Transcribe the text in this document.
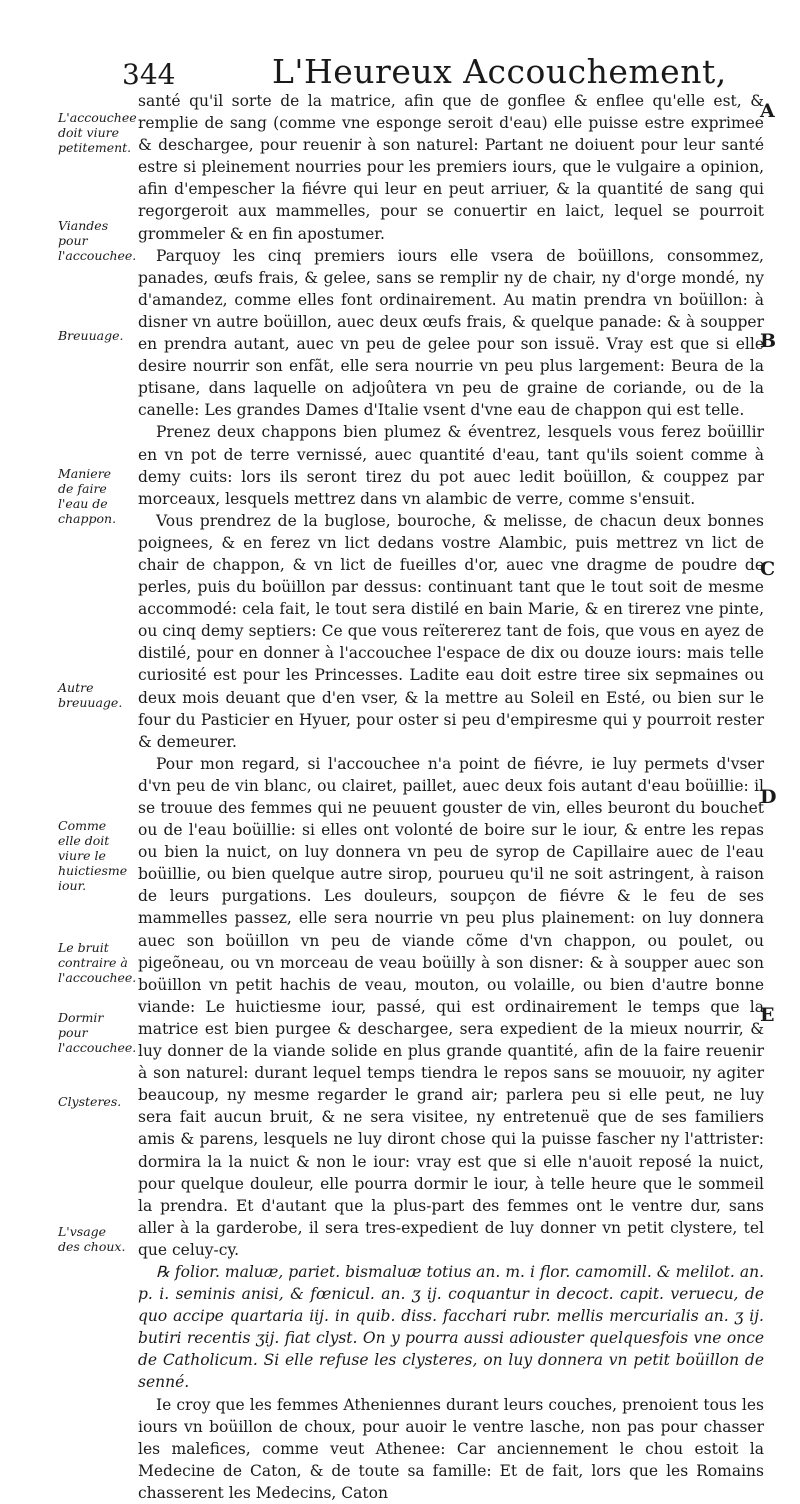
344	L'Heureux Accouchement,
L'accouchee doit viure petitement.
Viandes pour l'accouchee.
Breuuage.
Maniere de faire l'eau de chappon.
Autre breuuage.
Comme elle doit viure le huictiesme iour.
Le bruit contraire à l'accouchee.
Dormir pour l'accouchee.
Clysteres.
L'vsage des choux.
A
B
C
D
E

santé qu'il sorte de la matrice, afin que de gonflee & enflee qu'elle est, & remplie de sang (comme vne esponge seroit d'eau) elle puisse estre exprimee & deschargee, pour reuenir à son naturel: Partant ne doiuent pour leur santé estre si pleinement nourries pour les premiers iours, que le vulgaire a opinion, afin d'empescher la fiévre qui leur en peut arriuer, & la quantité de sang qui regorgeroit aux mammelles, pour se conuertir en laict, lequel se pourroit grommeler & en fin apostumer.

Parquoy les cinq premiers iours elle vsera de boüillons, consommez, panades, œufs frais, & gelee, sans se remplir ny de chair, ny d'orge mondé, ny d'amandez, comme elles font ordinairement. Au matin prendra vn boüillon: à disner vn autre boüillon, auec deux œufs frais, & quelque panade: & à soupper en prendra autant, auec vn peu de gelee pour son issuë. Vray est que si elle desire nourrir son enfãt, elle sera nourrie vn peu plus largement: Beura de la ptisane, dans laquelle on adjoûtera vn peu de graine de coriande, ou de la canelle: Les grandes Dames d'Italie vsent d'vne eau de chappon qui est telle.

Prenez deux chappons bien plumez & éventrez, lesquels vous ferez boüillir en vn pot de terre vernissé, auec quantité d'eau, tant qu'ils soient comme à demy cuits: lors ils seront tirez du pot auec ledit boüillon, & couppez par morceaux, lesquels mettrez dans vn alambic de verre, comme s'ensuit.

Vous prendrez de la buglose, bouroche, & melisse, de chacun deux bonnes poignees, & en ferez vn lict dedans vostre Alambic, puis mettrez vn lict de chair de chappon, & vn lict de fueilles d'or, auec vne dragme de poudre de perles, puis du boüillon par dessus: continuant tant que le tout soit de mesme accommodé: cela fait, le tout sera distilé en bain Marie, & en tirerez vne pinte, ou cinq demy septiers: Ce que vous reïtererez tant de fois, que vous en ayez de distilé, pour en donner à l'accouchee l'espace de dix ou douze iours: mais telle curiosité est pour les Princesses. Ladite eau doit estre tiree six sepmaines ou deux mois deuant que d'en vser, & la mettre au Soleil en Esté, ou bien sur le four du Pasticier en Hyuer, pour oster si peu d'empiresme qui y pourroit rester & demeurer.

Pour mon regard, si l'accouchee n'a point de fiévre, ie luy permets d'vser d'vn peu de vin blanc, ou clairet, paillet, auec deux fois autant d'eau boüillie: il se trouue des femmes qui ne peuuent gouster de vin, elles beuront du bouchet ou de l'eau boüillie: si elles ont volonté de boire sur le iour, & entre les repas ou bien la nuict, on luy donnera vn peu de syrop de Capillaire auec de l'eau boüillie, ou bien quelque autre sirop, pourueu qu'il ne soit astringent, à raison de leurs purgations. Les douleurs, soupçon de fiévre & le feu de ses mammelles passez, elle sera nourrie vn peu plus plainement: on luy donnera auec son boüillon vn peu de viande cõme d'vn chappon, ou poulet, ou pigeõneau, ou vn morceau de veau boüilly à son disner: & à soupper auec son boüillon vn petit hachis de veau, mouton, ou volaille, ou bien d'autre bonne viande: Le huictiesme iour, passé, qui est ordinairement le temps que la matrice est bien purgee & deschargee, sera expedient de la mieux nourrir, & luy donner de la viande solide en plus grande quantité, afin de la faire reuenir à son naturel: durant lequel temps tiendra le repos sans se mouuoir, ny agiter beaucoup, ny mesme regarder le grand air; parlera peu si elle peut, ne luy sera fait aucun bruit, & ne sera visitee, ny entretenuë que de ses familiers amis & parens, lesquels ne luy diront chose qui la puisse fascher ny l'attrister: dormira la la nuict & non le iour: vray est que si elle n'auoit reposé la nuict, pour quelque douleur, elle pourra dormir le iour, à telle heure que le sommeil la prendra. Et d'autant que la plus-part des femmes ont le ventre dur, sans aller à la garderobe, il sera tres-expedient de luy donner vn petit clystere, tel que celuy-cy.

℞ folior. maluæ, pariet. bismaluæ totius an. m. i flor. camomill. & melilot. an. p. i. seminis anisi, & fœnicul. an. ʒ ij. coquantur in decoct. capit. veruecu, de quo accipe quartaria iij. in quib. diss. facchari rubr. mellis mercurialis an. ʒ ij. butiri recentis ʒij. fiat clyst. On y pourra aussi adiouster quelquesfois vne once de Catholicum. Si elle refuse les clysteres, on luy donnera vn petit boüillon de senné.

Ie croy que les femmes Atheniennes durant leurs couches, prenoient tous les iours vn boüillon de choux, pour auoir le ventre lasche, non pas pour chasser les malefices, comme veut Athenee: Car anciennement le chou estoit la Medecine de Caton, & de toute sa famille: Et de fait, lors que les Romains chasserent les Medecins, Caton
